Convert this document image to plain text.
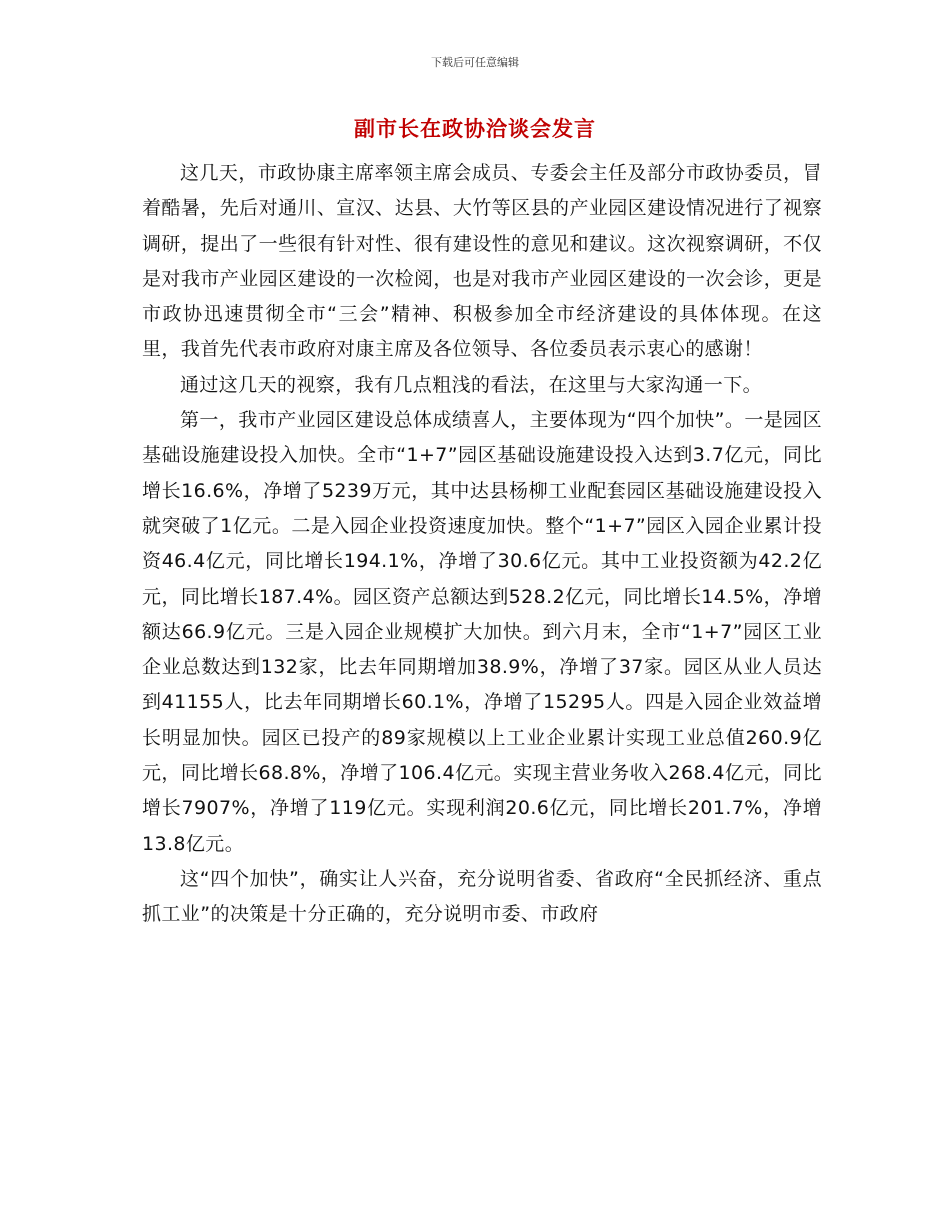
下载后可任意编辑
副市长在政协洽谈会发言

这几天，市政协康主席率领主席会成员、专委会主任及部分市政协委员，冒着酷暑，先后对通川、宣汉、达县、大竹等区县的产业园区建设情况进行了视察调研，提出了一些很有针对性、很有建设性的意见和建议。这次视察调研，不仅是对我市产业园区建设的一次检阅，也是对我市产业园区建设的一次会诊，更是市政协迅速贯彻全市“三会”精神、积极参加全市经济建设的具体体现。在这里，我首先代表市政府对康主席及各位领导、各位委员表示衷心的感谢！

通过这几天的视察，我有几点粗浅的看法，在这里与大家沟通一下。

第一，我市产业园区建设总体成绩喜人，主要体现为“四个加快”。一是园区基础设施建设投入加快。全市“1+7”园区基础设施建设投入达到3.7亿元，同比增长16.6%，净增了5239万元，其中达县杨柳工业配套园区基础设施建设投入就突破了1亿元。二是入园企业投资速度加快。整个“1+7”园区入园企业累计投资46.4亿元，同比增长194.1%，净增了30.6亿元。其中工业投资额为42.2亿元，同比增长187.4%。园区资产总额达到528.2亿元，同比增长14.5%，净增额达66.9亿元。三是入园企业规模扩大加快。到六月末，全市“1+7”园区工业企业总数达到132家，比去年同期增加38.9%，净增了37家。园区从业人员达到41155人，比去年同期增长60.1%，净增了15295人。四是入园企业效益增长明显加快。园区已投产的89家规模以上工业企业累计实现工业总值260.9亿元，同比增长68.8%，净增了106.4亿元。实现主营业务收入268.4亿元，同比增长7907%，净增了119亿元。实现利润20.6亿元，同比增长201.7%，净增13.8亿元。

这“四个加快”，确实让人兴奋，充分说明省委、省政府“全民抓经济、重点抓工业”的决策是十分正确的，充分说明市委、市政府
